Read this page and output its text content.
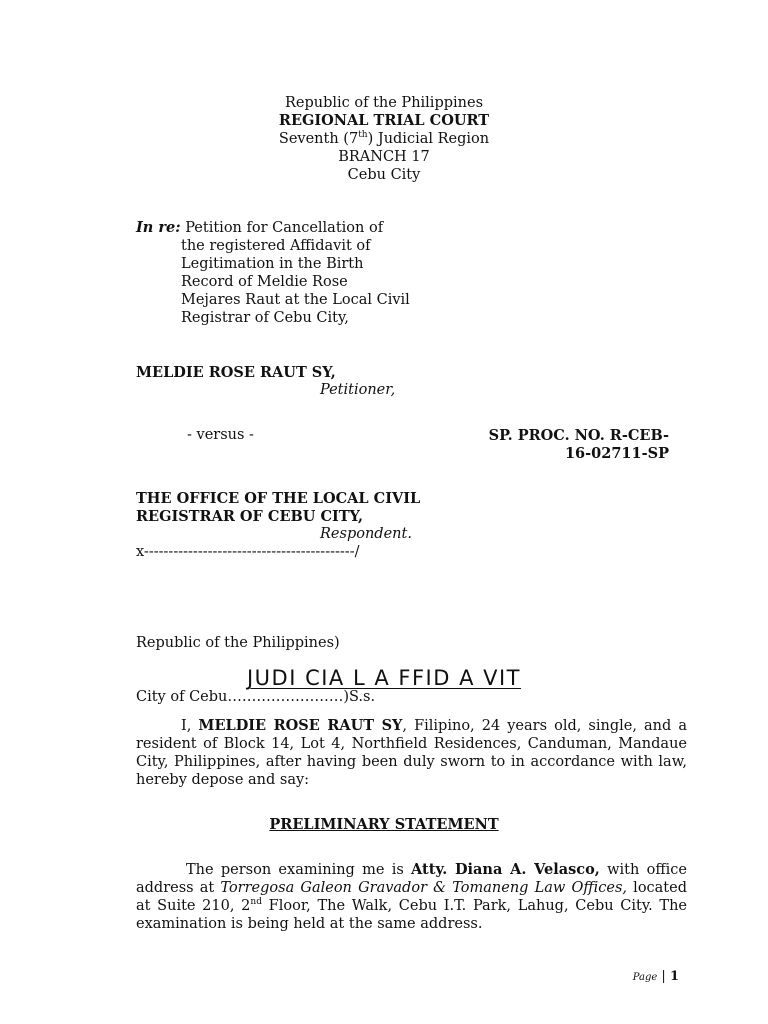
Republic of the Philippines
REGIONAL TRIAL COURT
Seventh (7th) Judicial Region
BRANCH 17
Cebu City
In re: Petition for Cancellation of
the registered Affidavit of
Legitimation in the Birth
Record of Meldie Rose
Mejares Raut at the Local Civil
Registrar of Cebu City,
MELDIE ROSE RAUT SY,
Petitioner,
- versus -	SP. PROC. NO. R-CEB-
16-02711-SP
THE OFFICE OF THE LOCAL CIVIL
REGISTRAR OF CEBU CITY,
Respondent.
x-------------------------------------------/

Republic of the Philippines)

City of Cebu……………………)S.s.

JUDI CIA L A FFID A VIT
I, MELDIE ROSE RAUT SY, Filipino, 24 years old, single, and a resident of Block 14, Lot 4, Northfield Residences, Canduman, Mandaue City, Philippines, after having been duly sworn to in accordance with law, hereby depose and say:
PRELIMINARY STATEMENT
The person examining me is Atty. Diana A. Velasco, with office address at Torregosa Galeon Gravador & Tomaneng Law Offices, located at Suite 210, 2nd Floor, The Walk, Cebu I.T. Park, Lahug, Cebu City. The examination is being held at the same address.
Page | 1
